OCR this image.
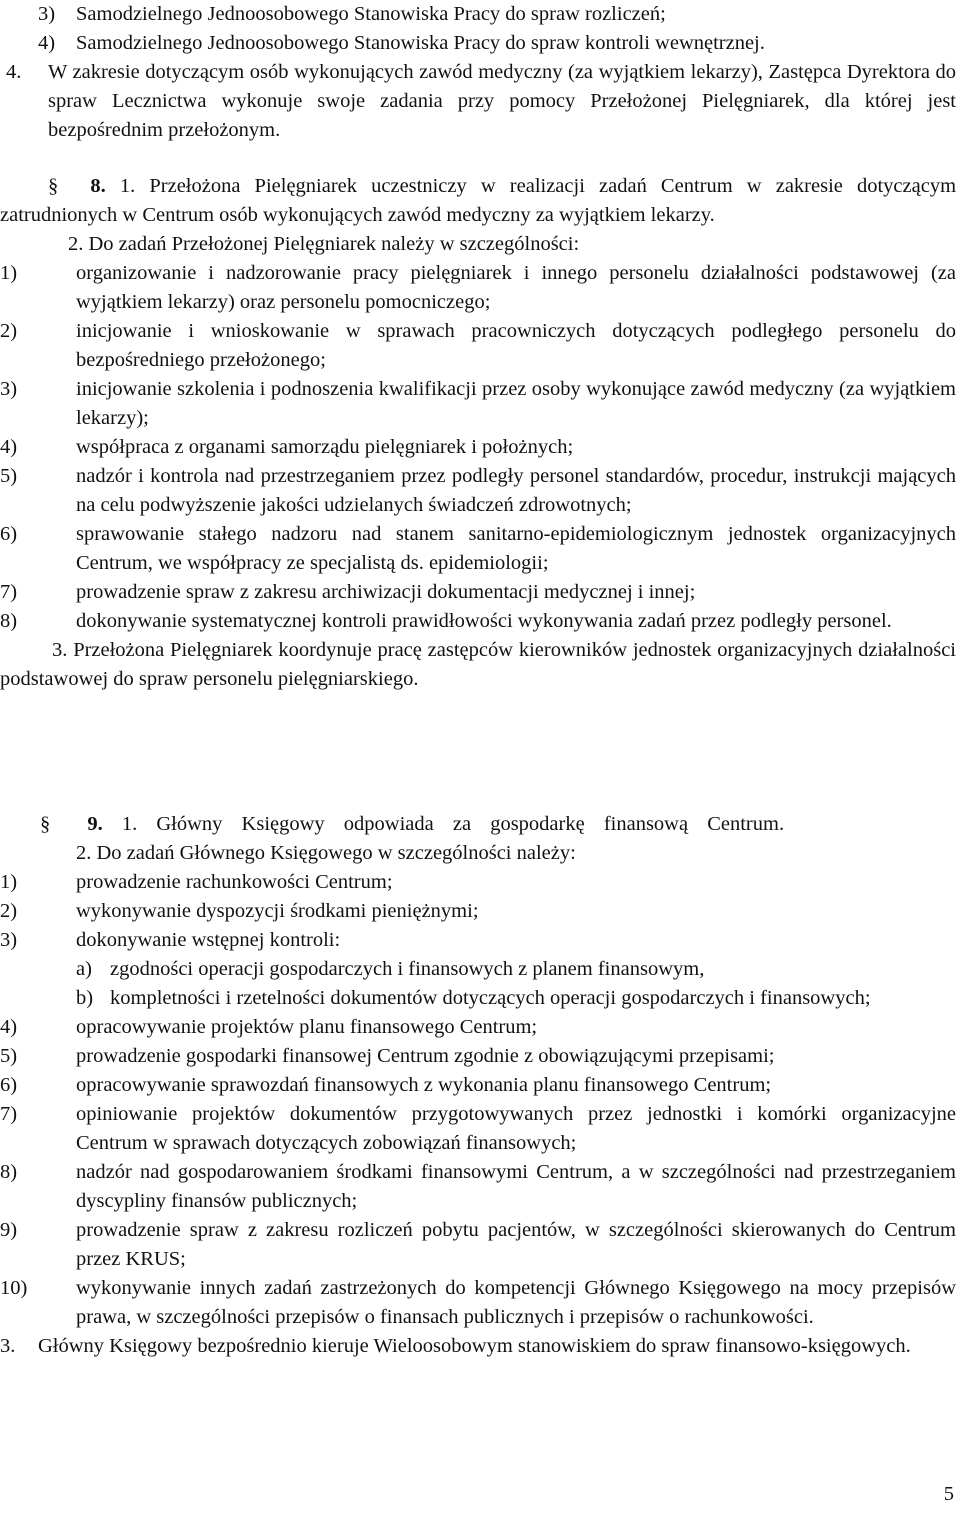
3) Samodzielnego Jednoosobowego Stanowiska Pracy do spraw rozliczeń;

4) Samodzielnego Jednoosobowego Stanowiska Pracy do spraw kontroli wewnętrznej.

4. W zakresie dotyczącym osób wykonujących zawód medyczny (za wyjątkiem lekarzy), Zastępca Dyrektora do spraw Lecznictwa wykonuje swoje zadania przy pomocy Przełożonej Pielęgniarek, dla której jest bezpośrednim przełożonym.

§ 8. 1. Przełożona Pielęgniarek uczestniczy w realizacji zadań Centrum w zakresie dotyczącym zatrudnionych w Centrum osób wykonujących zawód medyczny za wyjątkiem lekarzy.

2. Do zadań Przełożonej Pielęgniarek należy w szczególności:

1)	organizowanie i nadzorowanie pracy pielęgniarek i innego personelu działalności podstawowej (za wyjątkiem lekarzy) oraz personelu pomocniczego;

2)	inicjowanie i wnioskowanie w sprawach pracowniczych dotyczących podległego personelu do bezpośredniego przełożonego;

3)	inicjowanie szkolenia i podnoszenia kwalifikacji przez osoby wykonujące zawód medyczny (za wyjątkiem lekarzy);

4)	współpraca z organami samorządu pielęgniarek i położnych;

5)	nadzór i kontrola nad przestrzeganiem przez podległy personel standardów, procedur, instrukcji mających na celu podwyższenie jakości udzielanych świadczeń zdrowotnych;

6)	sprawowanie stałego nadzoru nad stanem sanitarno-epidemiologicznym jednostek organizacyjnych Centrum, we współpracy ze specjalistą ds. epidemiologii;

7)	prowadzenie spraw z zakresu archiwizacji dokumentacji medycznej i innej;

8)	dokonywanie systematycznej kontroli prawidłowości wykonywania zadań przez podległy personel.

3. Przełożona Pielęgniarek koordynuje pracę zastępców kierowników jednostek organizacyjnych działalności podstawowej do spraw personelu pielęgniarskiego.

§ 9. 1. Główny Księgowy odpowiada za gospodarkę finansową Centrum.

2. Do zadań Głównego Księgowego w szczególności należy:

1)	prowadzenie rachunkowości Centrum;

2)	wykonywanie dyspozycji środkami pieniężnymi;

3)	dokonywanie wstępnej kontroli:

a) zgodności operacji gospodarczych i finansowych z planem finansowym,

b) kompletności i rzetelności dokumentów dotyczących operacji gospodarczych i finansowych;

4)	opracowywanie projektów planu finansowego Centrum;

5)	prowadzenie gospodarki finansowej Centrum zgodnie z obowiązującymi przepisami;

6)	opracowywanie sprawozdań finansowych z wykonania planu finansowego Centrum;

7)	opiniowanie projektów dokumentów przygotowywanych przez jednostki i komórki organizacyjne Centrum w sprawach dotyczących zobowiązań finansowych;

8)	nadzór nad gospodarowaniem środkami finansowymi Centrum, a w szczególności nad przestrzeganiem dyscypliny finansów publicznych;

9)	prowadzenie spraw z zakresu rozliczeń pobytu pacjentów, w szczególności skierowanych do Centrum przez KRUS;

10) wykonywanie innych zadań zastrzeżonych do kompetencji Głównego Księgowego na mocy przepisów prawa, w szczególności przepisów o finansach publicznych i przepisów o rachunkowości.

3. Główny Księgowy bezpośrednio kieruje Wieloosobowym stanowiskiem do spraw finansowo-księgowych.

5
